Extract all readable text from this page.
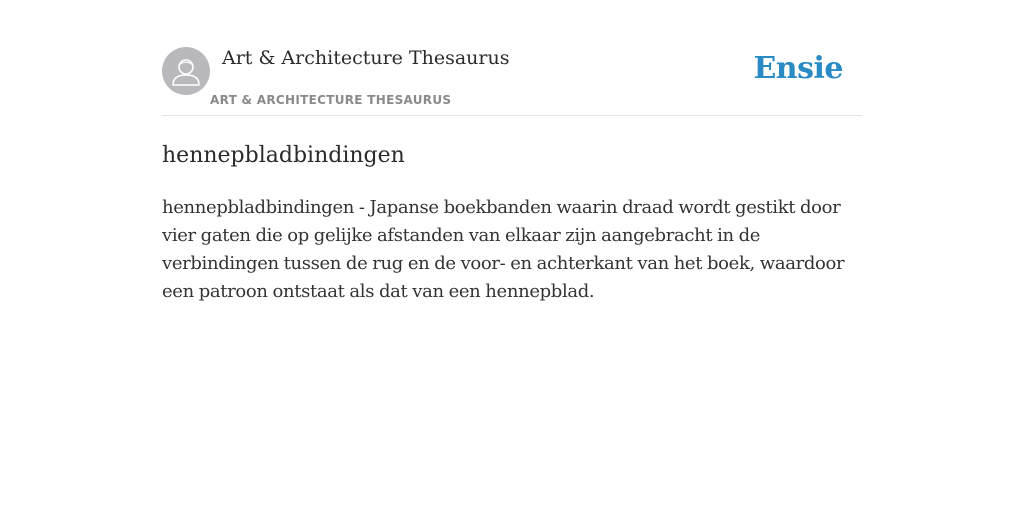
Art & Architecture Thesaurus
ART & ARCHITECTURE THESAURUS
Ensie
hennepbladbindingen

hennepbladbindingen - Japanse boekbanden waarin draad wordt gestikt door vier gaten die op gelijke afstanden van elkaar zijn aangebracht in de verbindingen tussen de rug en de voor- en achterkant van het boek, waardoor een patroon ontstaat als dat van een hennepblad.
